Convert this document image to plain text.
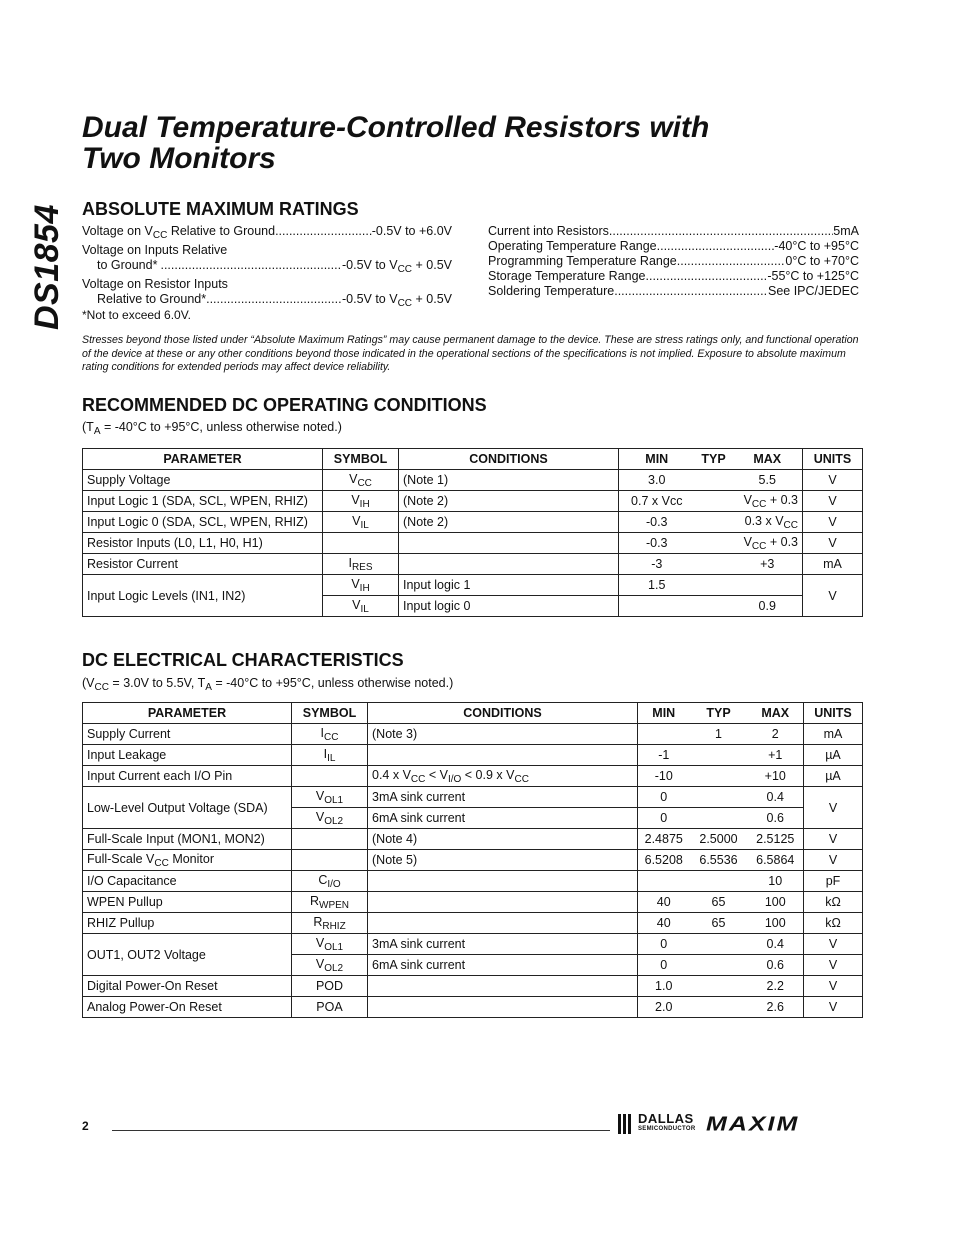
DS1854
Dual Temperature-Controlled Resistors with
Two Monitors
ABSOLUTE MAXIMUM RATINGS
Voltage on $V_{CC}$ Relative to Ground .....	-0.5V to +6.0V
Voltage on Inputs Relative
to Ground* .....	-0.5V to $V_{CC} + 0.5V$
Voltage on Resistor Inputs
Relative to Ground* .....	-0.5V to $V_{CC} + 0.5V$
Current into Resistors .....	5mA
Operating Temperature Range .....	-40°C to +95°C
Programming Temperature Range .....	0°C to +70°C
Storage Temperature Range .....	-55°C to +125°C
Soldering Temperature .....	See IPC/JEDEC
*Not to exceed 6.0V.
Stresses beyond those listed under “Absolute Maximum Ratings” may cause permanent damage to the device. These are stress ratings only, and functional operation of the device at these or any other conditions beyond those indicated in the operational sections of the specifications is not implied. Exposure to absolute maximum rating conditions for extended periods may affect device reliability.
RECOMMENDED DC OPERATING CONDITIONS
($T_A = -40^\circ C$ to +95°C, unless otherwise noted.)
PARAMETER	SYMBOL	CONDITIONS	MIN	TYP	MAX	UNITS
Supply Voltage	$V_{CC}$	(Note 1)	3.0		5.5	V
Input Logic 1 (SDA, SCL, WPEN, RHIZ)	$V_{IH}$	(Note 2)	0.7 x Vcc		$V_{CC} + 0.3$	V
Input Logic 0 (SDA, SCL, WPEN, RHIZ)	$V_{IL}$	(Note 2)	-0.3		0.3 x $V_{CC}$	V
Resistor Inputs (L0, L1, H0, H1)			-0.3		$V_{CC} + 0.3$	V
Resistor Current	$I_{RES}$		-3		+3	mA
Input Logic Levels (IN1, IN2)	$V_{IH}$	Input logic 1	1.5			V
	$V_{IL}$	Input logic 0			0.9	
DC ELECTRICAL CHARACTERISTICS
($V_{CC} = 3.0V$ to 5.5V, $T_A = -40^\circ C$ to +95°C, unless otherwise noted.)
PARAMETER	SYMBOL	CONDITIONS	MIN	TYP	MAX	UNITS
Supply Current	$I_{CC}$	(Note 3)		1	2	mA
Input Leakage	$I_{IL}$		-1		+1	µA
Input Current each I/O Pin		0.4 x $V_{CC} < V_{I/O} < 0.9$ x $V_{CC}$	-10		+10	µA
Low-Level Output Voltage (SDA)	$V_{OL1}$	3mA sink current	0		0.4	V
	$V_{OL2}$	6mA sink current	0		0.6	
Full-Scale Input (MON1, MON2)		(Note 4)	2.4875	2.5000	2.5125	V
Full-Scale $V_{CC}$ Monitor		(Note 5)	6.5208	6.5536	6.5864	V
I/O Capacitance	$C_{I/O}$				10	pF
WPEN Pullup	$R_{WPEN}$		40	65	100	kΩ
RHIZ Pullup	$R_{RHIZ}$		40	65	100	kΩ
OUT1, OUT2 Voltage	$V_{OL1}$	3mA sink current	0		0.4	V
	$V_{OL2}$	6mA sink current	0		0.6	V
Digital Power-On Reset	POD		1.0		2.2	V
Analog Power-On Reset	POA		2.0		2.6	V
2	DALLAS
SEMICONDUCTOR MAXIM
